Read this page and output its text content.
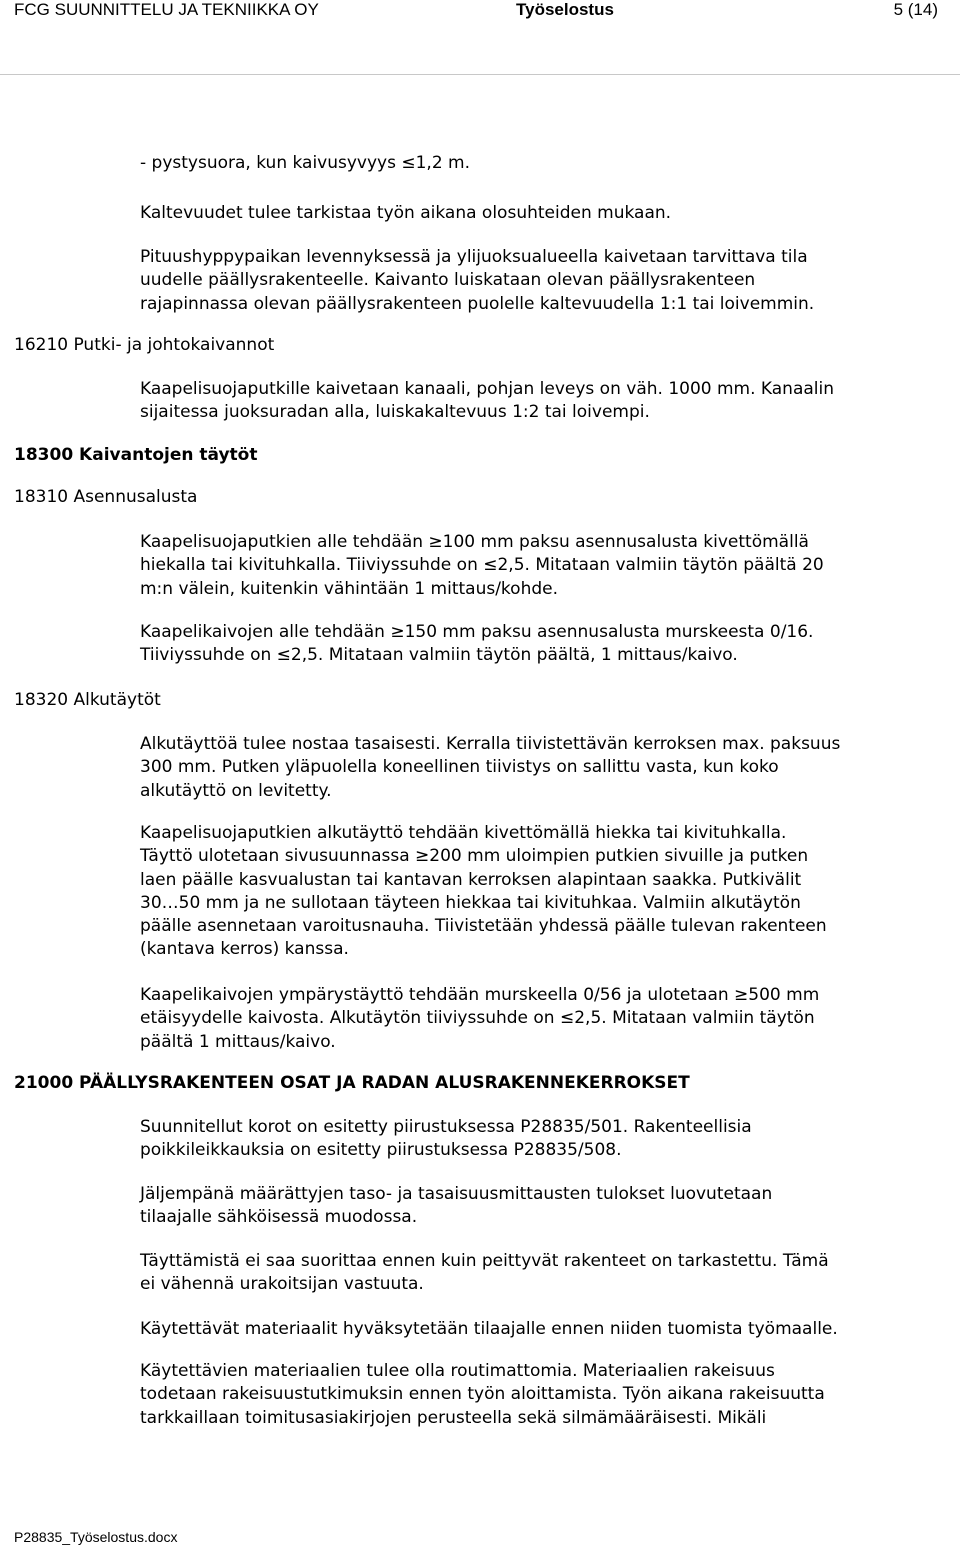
FCG SUUNNITTELU JA TEKNIIKKA OY	Työselostus	5 (14)
- pystysuora, kun kaivusyvyys ≤1,2 m.
Kaltevuudet tulee tarkistaa työn aikana olosuhteiden mukaan.
Pituushyppypaikan levennyksessä ja ylijuoksualueella kaivetaan tarvittava tila
uudelle päällysrakenteelle. Kaivanto luiskataan olevan päällysrakenteen
rajapinnassa olevan päällysrakenteen puolelle kaltevuudella 1:1 tai loivemmin.
16210 Putki- ja johtokaivannot
Kaapelisuojaputkille kaivetaan kanaali, pohjan leveys on väh. 1000 mm. Kanaalin
sijaitessa juoksuradan alla, luiskakaltevuus 1:2 tai loivempi.
18300 Kaivantojen täytöt
18310 Asennusalusta
Kaapelisuojaputkien alle tehdään ≥100 mm paksu asennusalusta kivettömällä
hiekalla tai kivituhkalla. Tiiviyssuhde on ≤2,5. Mitataan valmiin täytön päältä 20
m:n välein, kuitenkin vähintään 1 mittaus/kohde.
Kaapelikaivojen alle tehdään ≥150 mm paksu asennusalusta murskeesta 0/16.
Tiiviyssuhde on ≤2,5. Mitataan valmiin täytön päältä, 1 mittaus/kaivo.
18320 Alkutäytöt
Alkutäyttöä tulee nostaa tasaisesti. Kerralla tiivistettävän kerroksen max. paksuus
300 mm. Putken yläpuolella koneellinen tiivistys on sallittu vasta, kun koko
alkutäyttö on levitetty.
Kaapelisuojaputkien alkutäyttö tehdään kivettömällä hiekka tai kivituhkalla.
Täyttö ulotetaan sivusuunnassa ≥200 mm uloimpien putkien sivuille ja putken
laen päälle kasvualustan tai kantavan kerroksen alapintaan saakka. Putkivälit
30…50 mm ja ne sullotaan täyteen hiekkaa tai kivituhkaa. Valmiin alkutäytön
päälle asennetaan varoitusnauha. Tiivistetään yhdessä päälle tulevan rakenteen
(kantava kerros) kanssa.
Kaapelikaivojen ympärystäyttö tehdään murskeella 0/56 ja ulotetaan ≥500 mm
etäisyydelle kaivosta. Alkutäytön tiiviyssuhde on ≤2,5. Mitataan valmiin täytön
päältä 1 mittaus/kaivo.
21000 PÄÄLLYSRAKENTEEN OSAT JA RADAN ALUSRAKENNEKERROKSET
Suunnitellut korot on esitetty piirustuksessa P28835/501. Rakenteellisia
poikkileikkauksia on esitetty piirustuksessa P28835/508.
Jäljempänä määrättyjen taso- ja tasaisuusmittausten tulokset luovutetaan
tilaajalle sähköisessä muodossa.
Täyttämistä ei saa suorittaa ennen kuin peittyvät rakenteet on tarkastettu. Tämä
ei vähennä urakoitsijan vastuuta.
Käytettävät materiaalit hyväksytetään tilaajalle ennen niiden tuomista työmaalle.
Käytettävien materiaalien tulee olla routimattomia. Materiaalien rakeisuus
todetaan rakeisuustutkimuksin ennen työn aloittamista. Työn aikana rakeisuutta
tarkkaillaan toimitusasiakirjojen perusteella sekä silmämääräisesti. Mikäli
P28835_Työselostus.docx
